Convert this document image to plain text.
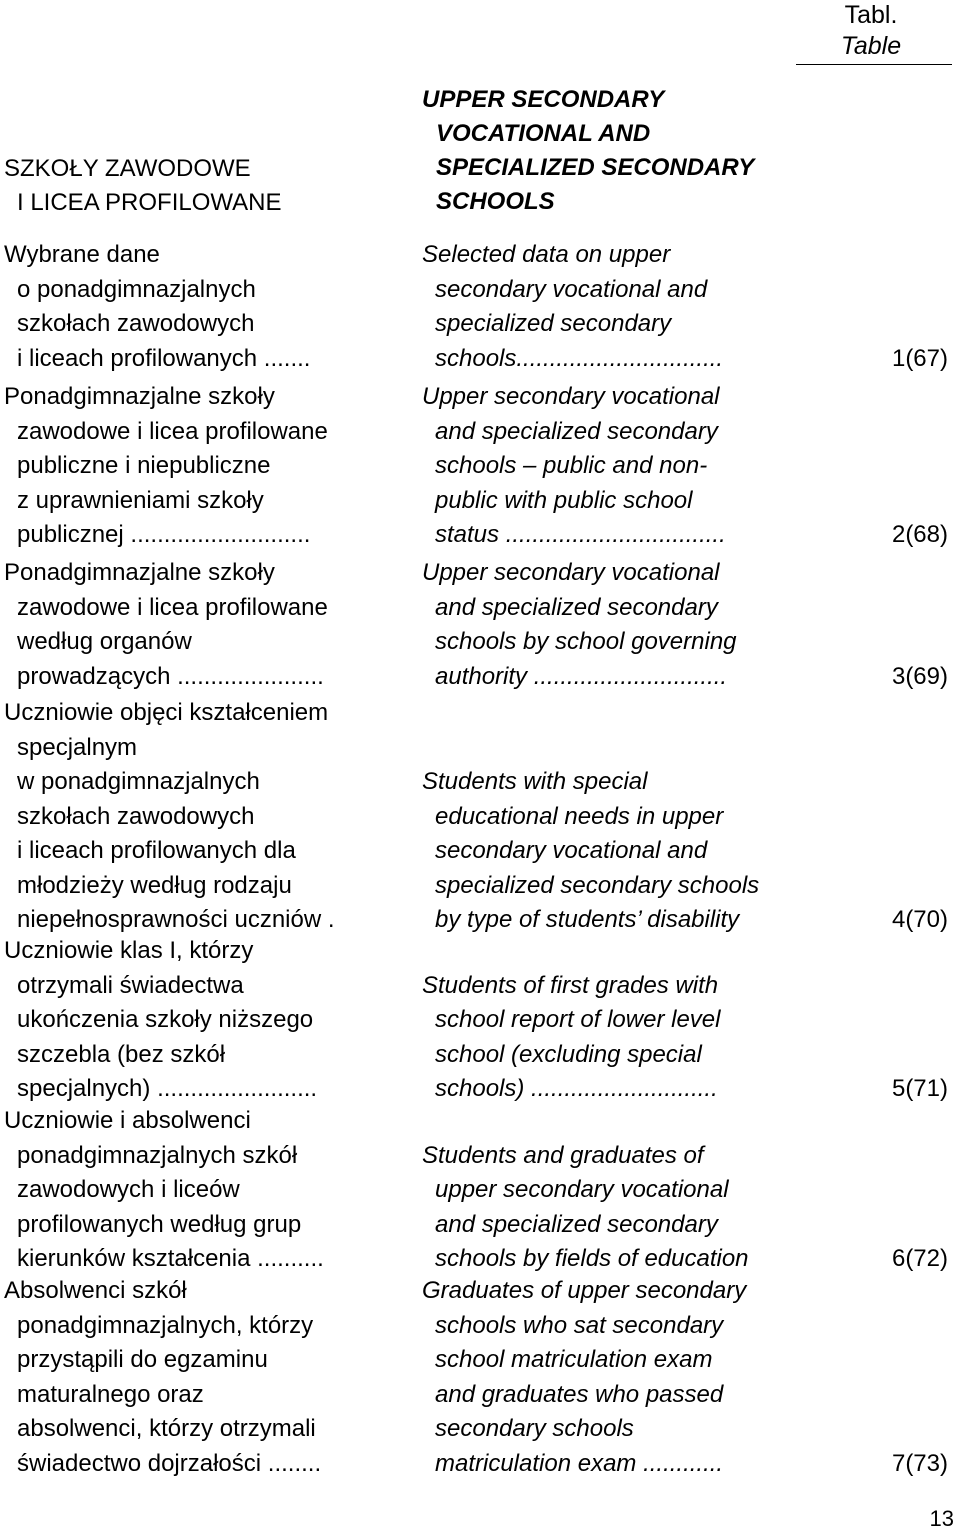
Tabl.
Table
SZKOŁY ZAWODOWE
I LICEA PROFILOWANE
UPPER SECONDARY
VOCATIONAL AND
SPECIALIZED SECONDARY
SCHOOLS
Wybrane dane
o ponadgimnazjalnych
szkołach zawodowych
i liceach profilowanych .......
Selected data on upper
secondary vocational and
specialized secondary
schools...............................	1(67)
Ponadgimnazjalne szkoły
zawodowe i licea profilowane
publiczne i niepubliczne
z uprawnieniami szkoły
publicznej ...........................
Upper secondary vocational
and specialized secondary
schools – public and non-
public with public school
status .................................	2(68)
Ponadgimnazjalne szkoły
zawodowe i licea profilowane
według organów
prowadzących ......................
Upper secondary vocational
and specialized secondary
schools by school governing
authority .............................	3(69)
Uczniowie objęci kształceniem
specjalnym
w ponadgimnazjalnych
szkołach zawodowych
i liceach profilowanych dla
młodzieży według rodzaju
niepełnosprawności uczniów .

Students with special
educational needs in upper
secondary vocational and
specialized secondary schools
by type of students’ disability	4(70)
Uczniowie klas I, którzy
otrzymali świadectwa
ukończenia szkoły niższego
szczebla (bez szkół
specjalnych) ........................

Students of first grades with
school report of lower level
school (excluding special
schools) ............................	5(71)
Uczniowie i absolwenci
ponadgimnazjalnych szkół
zawodowych i liceów
profilowanych według grup
kierunków kształcenia ..........

Students and graduates of
upper secondary vocational
and specialized secondary
schools by fields of education	6(72)
Absolwenci szkół
ponadgimnazjalnych, którzy
przystąpili do egzaminu
maturalnego oraz
absolwenci, którzy otrzymali
świadectwo dojrzałości ........
Graduates of upper secondary
schools who sat secondary
school matriculation exam
and graduates who passed
secondary schools
matriculation exam ............	7(73)
13
